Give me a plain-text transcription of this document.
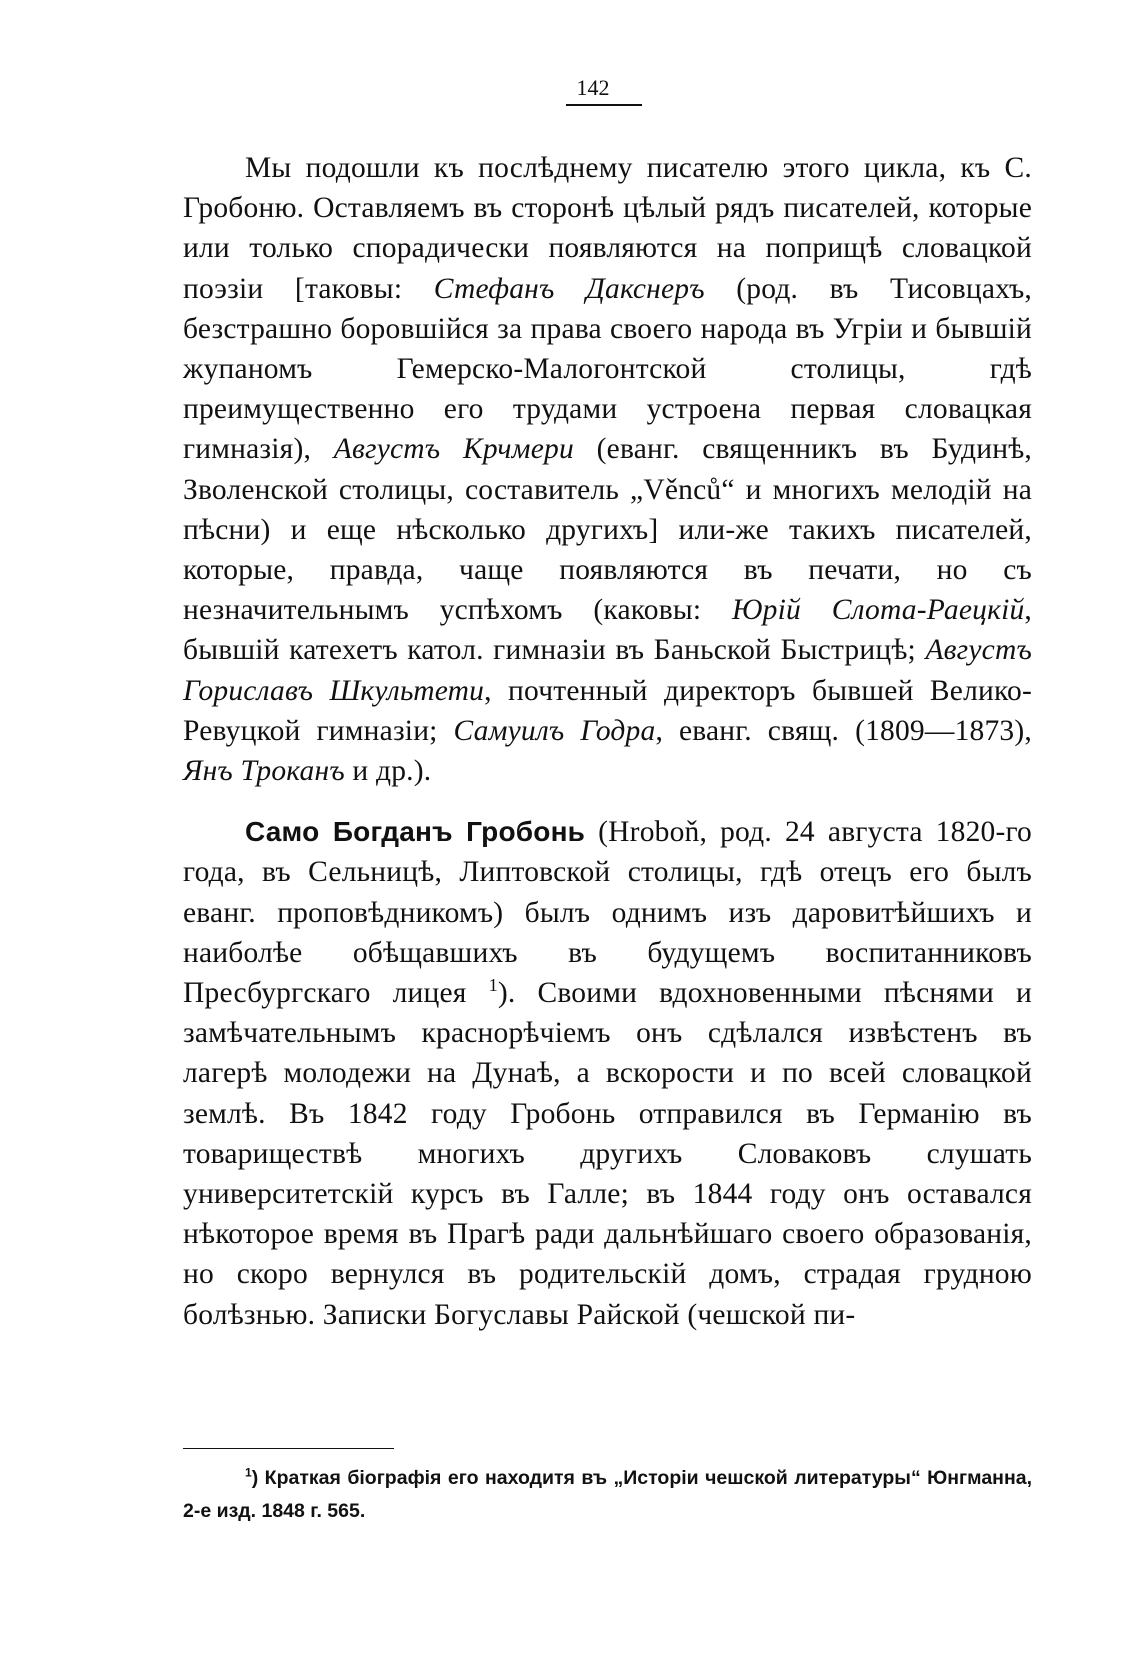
142

Мы подошли къ послѣднему писателю этого цикла, къ С. Гробоню. Оставляемъ въ сторонѣ цѣлый рядъ писателей, которые или только спорадически появляются на поприщѣ словацкой поэзіи [таковы: Стефанъ Дакснеръ (род. въ Тисовцахъ, безстрашно боровшійся за права своего народа въ Угріи и бывшій жупаномъ Гемерско-Малогонтской столицы, гдѣ преимущественно его трудами устроена первая словацкая гимназія), Августъ Крчмери (еванг. священникъ въ Будинѣ, Зволенской столицы, составитель „Věnců“ и многихъ мелодій на пѣсни) и еще нѣсколько другихъ] или-же такихъ писателей, которые, правда, чаще появляются въ печати, но съ незначительнымъ успѣхомъ (каковы: Юрій Слота-Раецкій, бывшій катехетъ катол. гимназіи въ Баньской Быстрицѣ; Августъ Гориславъ Шкультети, почтенный директоръ бывшей Велико-Ревуцкой гимназіи; Самуилъ Годра, еванг. свящ. (1809—1873), Янъ Троканъ и др.).

Само Богданъ Гробонь (Hrobоň, род. 24 августа 1820-го года, въ Сельницѣ, Липтовской столицы, гдѣ отецъ его былъ еванг. проповѣдникомъ) былъ однимъ изъ даровитѣйшихъ и наиболѣе обѣщавшихъ въ будущемъ воспитанниковъ Пресбургскаго лицея $^1$). Своими вдохновенными пѣснями и замѣчательнымъ краснорѣчіемъ онъ сдѣлался извѣстенъ въ лагерѣ молодежи на Дунаѣ, а вскорости и по всей словацкой землѣ. Въ 1842 году Гробонь отправился въ Германію въ товариществѣ многихъ другихъ Словаковъ слушать университетскій курсъ въ Галле; въ 1844 году онъ оставался нѣкоторое время въ Прагѣ ради дальнѣйшаго своего образованія, но скоро вернулся въ родительскій домъ, страдая грудною болѣзнью. Записки Богуславы Райской (чешской пи-

$^1$) Краткая біографія его находитя въ „Исторіи чешской литературы“ Юнгманна, 2-е изд. 1848 г. 565.
